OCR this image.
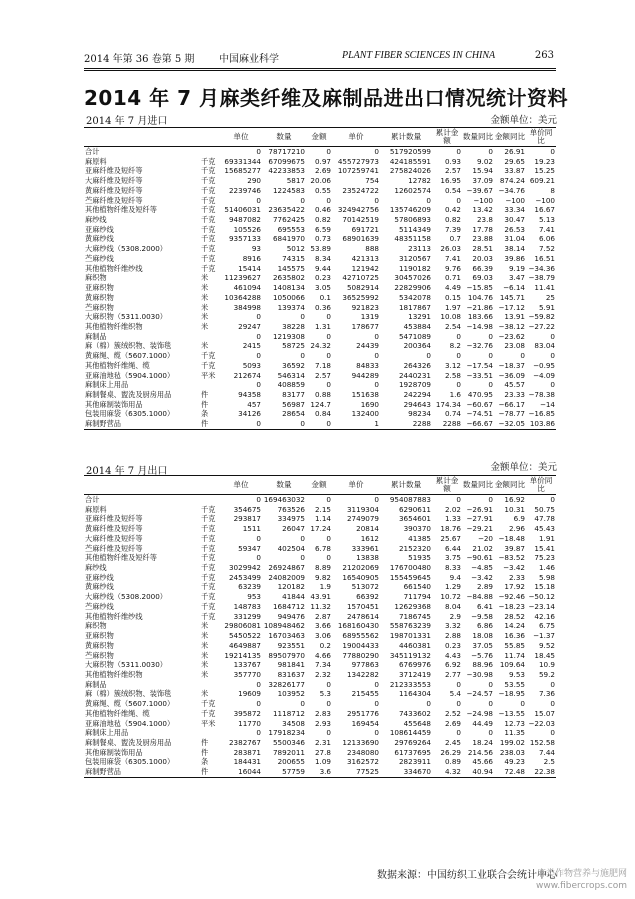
2014 年第 36 卷第 5 期 中国麻业科学	PLANT FIBER SCIENCES IN CHINA	263
2014 年 7 月麻类纤维及麻制品进出口情况统计资料
2014 年 7 月进口	金额单位：美元
		单位	数量	金额	单价	累计数量	累计金额	数量同比	金额同比	单价同比
合计		0	78717210	0	0	517920599	0	0	26.91	0
麻原料	千克	69331344	67099675	0.97	455727973	424185591	0.93	9.02	29.65	19.23
亚麻纤维及短纤等	千克	15685277	42233853	2.69	107259741	275824026	2.57	15.94	33.87	15.25
大麻纤维及短纤等	千克	290	5817	20.06	754	12782	16.95	37.09	874.24	609.21
黄麻纤维及短纤等	千克	2239746	1224583	0.55	23524722	12602574	0.54	−39.67	−34.76	8
苎麻纤维及短纤等	千克	0	0	0	0	0	0	−100	−100	−100
其他植物纤维及短纤等	千克	51406031	23635422	0.46	324942756	135746209	0.42	13.42	33.34	16.67
麻纱线	千克	9487082	7762425	0.82	70142519	57806893	0.82	23.8	30.47	5.13
亚麻纱线	千克	105526	695553	6.59	691721	5114349	7.39	17.78	26.53	7.41
黄麻纱线	千克	9357133	6841970	0.73	68901639	48351158	0.7	23.88	31.04	6.06
大麻纱线（5308.2000）	千克	93	5012	53.89	888	23113	26.03	28.51	38.14	7.52
苎麻纱线	千克	8916	74315	8.34	421313	3120567	7.41	20.03	39.86	16.51
其他植物纤维纱线	千克	15414	145575	9.44	121942	1190182	9.76	66.39	9.19	−34.36
麻织物	米	11239627	2635802	0.23	42710725	30457026	0.71	69.03	3.47	−38.79
亚麻织物	米	461094	1408134	3.05	5082914	22829906	4.49	−15.85	−6.14	11.41
黄麻织物	米	10364288	1050066	0.1	36525992	5342078	0.15	104.76	145.71	25
苎麻织物	米	384998	139374	0.36	921823	1817867	1.97	−21.86	−17.12	5.91
大麻织物（5311.0030）	米	0	0	0	1319	13291	10.08	183.66	13.91	−59.82
其他植物纤维织物	米	29247	38228	1.31	178677	453884	2.54	−14.98	−38.12	−27.22
麻制品		0	1219308	0	0	5471089	0	0	−23.62	0
麻（棉）簇绒织物、装饰毯	米	2415	58725	24.32	24439	200364	8.2	−32.76	23.08	83.04
黄麻绳、缆（5607.1000）	千克	0	0	0	0	0	0	0	0	0
其他植物纤维绳、缆	千克	5093	36592	7.18	84833	264326	3.12	−17.54	−18.37	−0.95
亚麻油地毡（5904.1000）	平米	212674	546314	2.57	944289	2440231	2.58	−33.51	−36.09	−4.09
麻制床上用品		0	408859	0	0	1928709	0	0	45.57	0
麻制餐桌、盥洗及厨房用品	件	94358	83177	0.88	151638	242294	1.6	470.95	23.33	−78.38
其他麻制装饰用品	件	457	56987	124.7	1690	294643	174.34	−60.67	−66.17	−14
包装用麻袋（6305.1000）	条	34126	28654	0.84	132400	98234	0.74	−74.51	−78.77	−16.85
麻制野营品	件	0	0	0	1	2288	2288	−66.67	−32.05	103.86
2014 年 7 月出口	金额单位：美元
		单位	数量	金额	单价	累计数量	累计金额	数量同比	金额同比	单价同比
合计		0	169463032	0	0	954087883	0	0	16.92	0
麻原料	千克	354675	763526	2.15	3119304	6290611	2.02	−26.91	10.31	50.75
亚麻纤维及短纤等	千克	293817	334975	1.14	2749079	3654601	1.33	−27.91	6.9	47.78
黄麻纤维及短纤等	千克	1511	26047	17.24	20814	390370	18.76	−29.21	2.96	45.43
大麻纤维及短纤等	千克	0	0	0	1612	41385	25.67	−20	−18.48	1.91
苎麻纤维及短纤等	千克	59347	402504	6.78	333961	2152320	6.44	21.02	39.87	15.41
其他植物纤维及短纤等	千克	0	0	0	13838	51935	3.75	−90.61	−83.52	75.23
麻纱线	千克	3029942	26924867	8.89	21202069	176700480	8.33	−4.85	−3.42	1.46
亚麻纱线	千克	2453499	24082009	9.82	16540905	155459645	9.4	−3.42	2.33	5.98
黄麻纱线	千克	63239	120182	1.9	513072	661540	1.29	2.89	17.92	15.18
大麻纱线（5308.2000）	千克	953	41844	43.91	66392	711794	10.72	−84.88	−92.46	−50.12
苎麻纱线	千克	148783	1684712	11.32	1570451	12629368	8.04	6.41	−18.23	−23.14
其他植物纤维纱线	千克	331299	949476	2.87	2478614	7186745	2.9	−9.58	28.52	42.16
麻织物	米	29806081	108948462	3.66	168160430	558763239	3.32	6.86	14.24	6.75
亚麻织物	米	5450522	16703463	3.06	68955562	198701331	2.88	18.08	16.36	−1.37
黄麻织物	米	4649887	923551	0.2	19004433	4460381	0.23	37.05	55.85	9.52
苎麻织物	米	19214135	89507970	4.66	77880290	345119132	4.43	−5.76	11.74	18.45
大麻织物（5311.0030）	米	133767	981841	7.34	977863	6769976	6.92	88.96	109.64	10.9
其他植物纤维织物	米	357770	831637	2.32	1342282	3712419	2.77	−30.98	9.53	59.2
麻制品		0	32826177	0	0	212333553	0	0	53.55	0
麻（棉）簇绒织物、装饰毯	米	19609	103952	5.3	215455	1164304	5.4	−24.57	−18.95	7.36
黄麻绳、缆（5607.1000）	千克	0	0	0	0	0	0	0	0	0
其他植物纤维绳、缆	千克	395872	1118712	2.83	2951776	7433602	2.52	−24.98	−13.55	15.07
亚麻油地毡（5904.1000）	平米	11770	34508	2.93	169454	455648	2.69	44.49	12.73	−22.03
麻制床上用品		0	17918234	0	0	108614459	0	0	11.35	0
麻制餐桌、盥洗及厨房用品	件	2382767	5500346	2.31	12133690	29769264	2.45	18.24	199.02	152.58
其他麻制装饰用品	件	283871	7892011	27.8	2348080	61737695	26.29	214.56	238.03	7.44
包装用麻袋（6305.1000）	条	184431	200655	1.09	3162572	2823911	0.89	45.66	49.23	2.5
麻制野营品	件	16044	57759	3.6	77525	334670	4.32	40.94	72.48	22.38
数据来源：中国纺织工业联合会统计中心
麻类作物营养与施肥网
www.fibercrops.com
